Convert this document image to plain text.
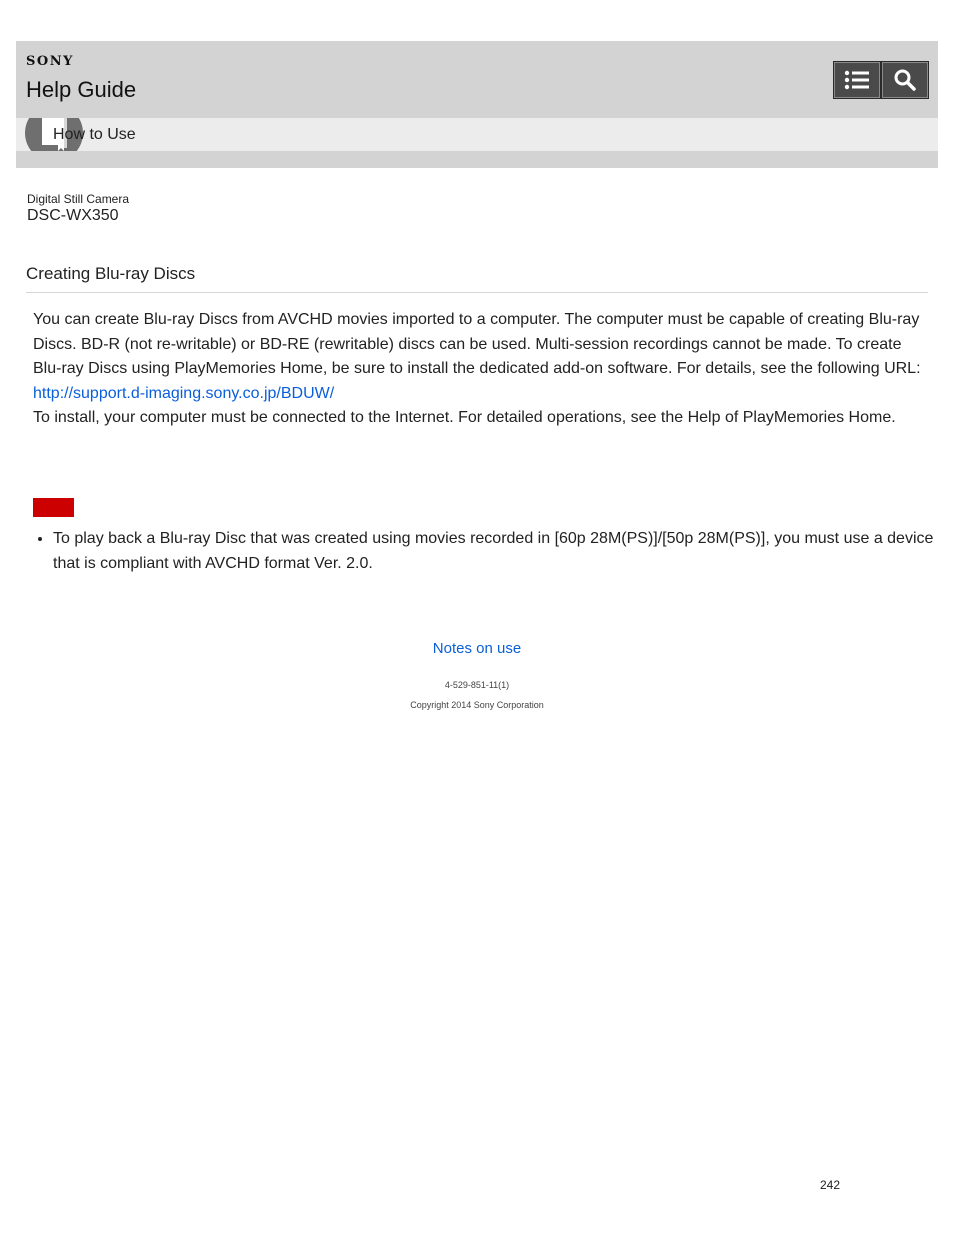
SONY
Help Guide
How to Use
Digital Still Camera
DSC-WX350
Creating Blu-ray Discs

You can create Blu-ray Discs from AVCHD movies imported to a computer. The computer must be capable of creating Blu-ray Discs. BD-R (not re-writable) or BD-RE (rewritable) discs can be used. Multi-session recordings cannot be made. To create Blu-ray Discs using PlayMemories Home, be sure to install the dedicated add-on software. For details, see the following URL:

http://support.d-imaging.sony.co.jp/BDUW/

To install, your computer must be connected to the Internet. For detailed operations, see the Help of PlayMemories Home.

• To play back a Blu-ray Disc that was created using movies recorded in [60p 28M(PS)]/[50p 28M(PS)], you must use a device that is compliant with AVCHD format Ver. 2.0.
Notes on use
4-529-851-11(1)
Copyright 2014 Sony Corporation
242
